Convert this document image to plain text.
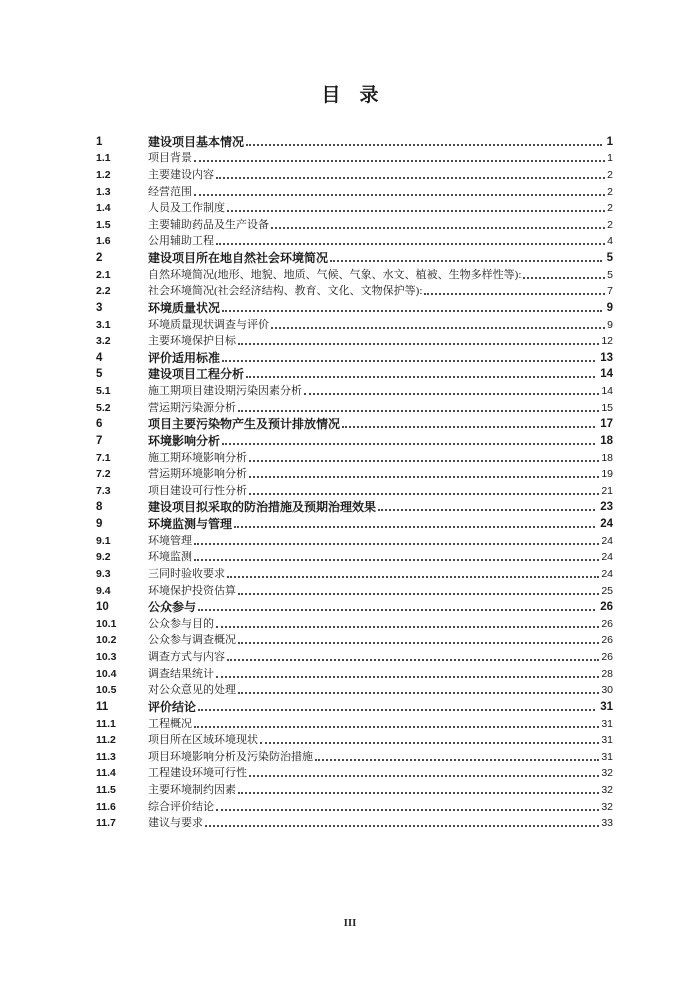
目　录
1	建设项目基本情况	1
1.1	项目背景	1
1.2	主要建设内容	2
1.3	经营范围	2
1.4	人员及工作制度	2
1.5	主要辅助药品及生产设备	2
1.6	公用辅助工程	4
2	建设项目所在地自然社会环境简况	5
2.1	自然环境简况(地形、地貌、地质、气候、气象、水文、植被、生物多样性等):	5
2.2	社会环境简况(社会经济结构、教育、文化、文物保护等):	7
3	环境质量状况	9
3.1	环境质量现状调查与评价	9
3.2	主要环境保护目标	12
4	评价适用标准	13
5	建设项目工程分析	14
5.1	施工期项目建设期污染因素分析	14
5.2	营运期污染源分析	15
6	项目主要污染物产生及预计排放情况	17
7	环境影响分析	18
7.1	施工期环境影响分析	18
7.2	营运期环境影响分析	19
7.3	项目建设可行性分析	21
8	建设项目拟采取的防治措施及预期治理效果	23
9	环境监测与管理	24
9.1	环境管理	24
9.2	环境监测	24
9.3	三同时验收要求	24
9.4	环境保护投资估算	25
10	公众参与	26
10.1	公众参与目的	26
10.2	公众参与调查概况	26
10.3	调查方式与内容	26
10.4	调查结果统计	28
10.5	对公众意见的处理	30
11	评价结论	31
11.1	工程概况	31
11.2	项目所在区域环境现状	31
11.3	项目环境影响分析及污染防治措施	31
11.4	工程建设环境可行性	32
11.5	主要环境制约因素	32
11.6	综合评价结论	32
11.7	建议与要求	33
III
